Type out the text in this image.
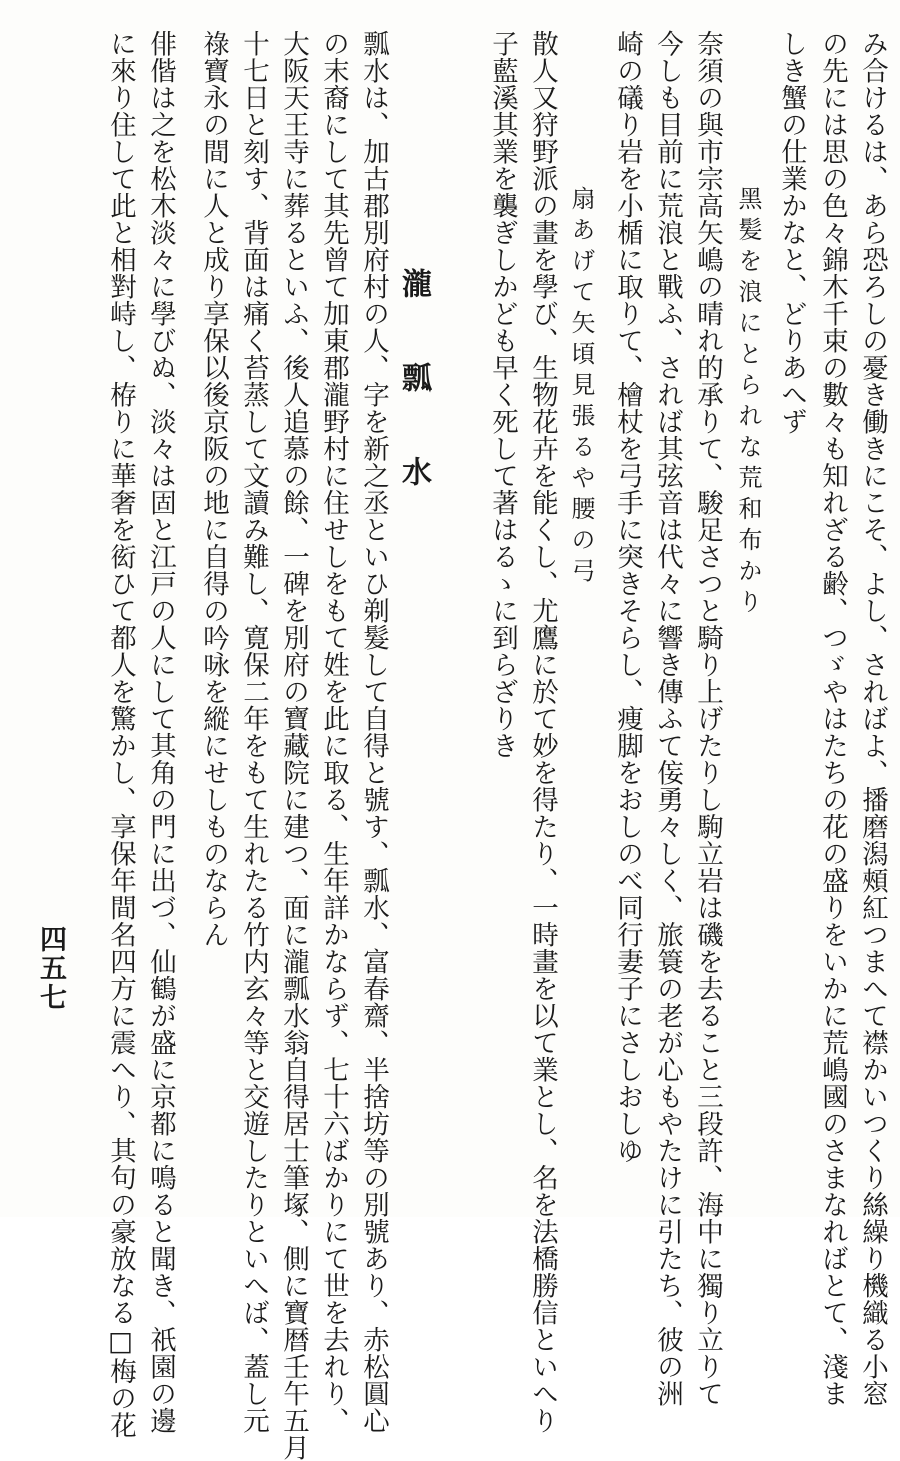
み合けるは、あら恐ろしの憂き働きにこそ、よし、さればよ、播磨潟頰紅つまへて襟かいつくり絲繰り機織る小窓
の先には思の色々錦木千束の數々も知れざる齢、つゞやはたちの花の盛りをいかに荒嶋國のさまなればとて、淺ま
しき蟹の仕業かなと、どりあへず
黑髪を浪にとられな荒和布かり
奈須の與市宗高矢嶋の晴れ的承りて、駿足さつと騎り上げたりし駒立岩は磯を去ること三段許、海中に獨り立りて
今しも目前に荒浪と戰ふ、されば其弦音は代々に響き傳ふて侫勇々しく、旅簑の老が心もやたけに引たち、彼の洲
崎の礒り岩を小楯に取りて、檜杖を弓手に突きそらし、痩脚をおしのべ同行妻子にさしおしゆ
扇あげて矢頃見張るや腰の弓
散人又狩野派の畫を學び、生物花卉を能くし、尤鷹に於て妙を得たり、一時畫を以て業とし、名を法橋勝信といへり
子藍溪其業を襲ぎしかども早く死して著はるゝに到らざりき
瀧瓢水
瓢水は、加古郡別府村の人、字を新之丞といひ剃髮して自得と號す、瓢水、富春齋、半捨坊等の別號あり、赤松圓心
の末裔にして其先曾て加東郡瀧野村に住せしをもて姓を此に取る、生年詳かならず、七十六ばかりにて世を去れり、
大阪天王寺に葬るといふ、後人追慕の餘、一碑を別府の寶藏院に建つ、面に瀧瓢水翁自得居士筆塚、側に寶暦壬午五月
十七日と刻す、背面は痛く苔蒸して文讀み難し、寛保二年をもて生れたる竹内玄々等と交遊したりといへば、蓋し元
祿寶永の間に人と成り享保以後京阪の地に自得の吟咏を縱にせしものならん
俳偕は之を松木淡々に學びぬ、淡々は固と江戸の人にして其角の門に出づ、仙鶴が盛に京都に鳴ると聞き、祇園の邊
に來り住して此と相對峙し、栫りに華奢を衒ひて都人を驚かし、享保年間名四方に震へり、其句の豪放なる□梅の花
四五七
